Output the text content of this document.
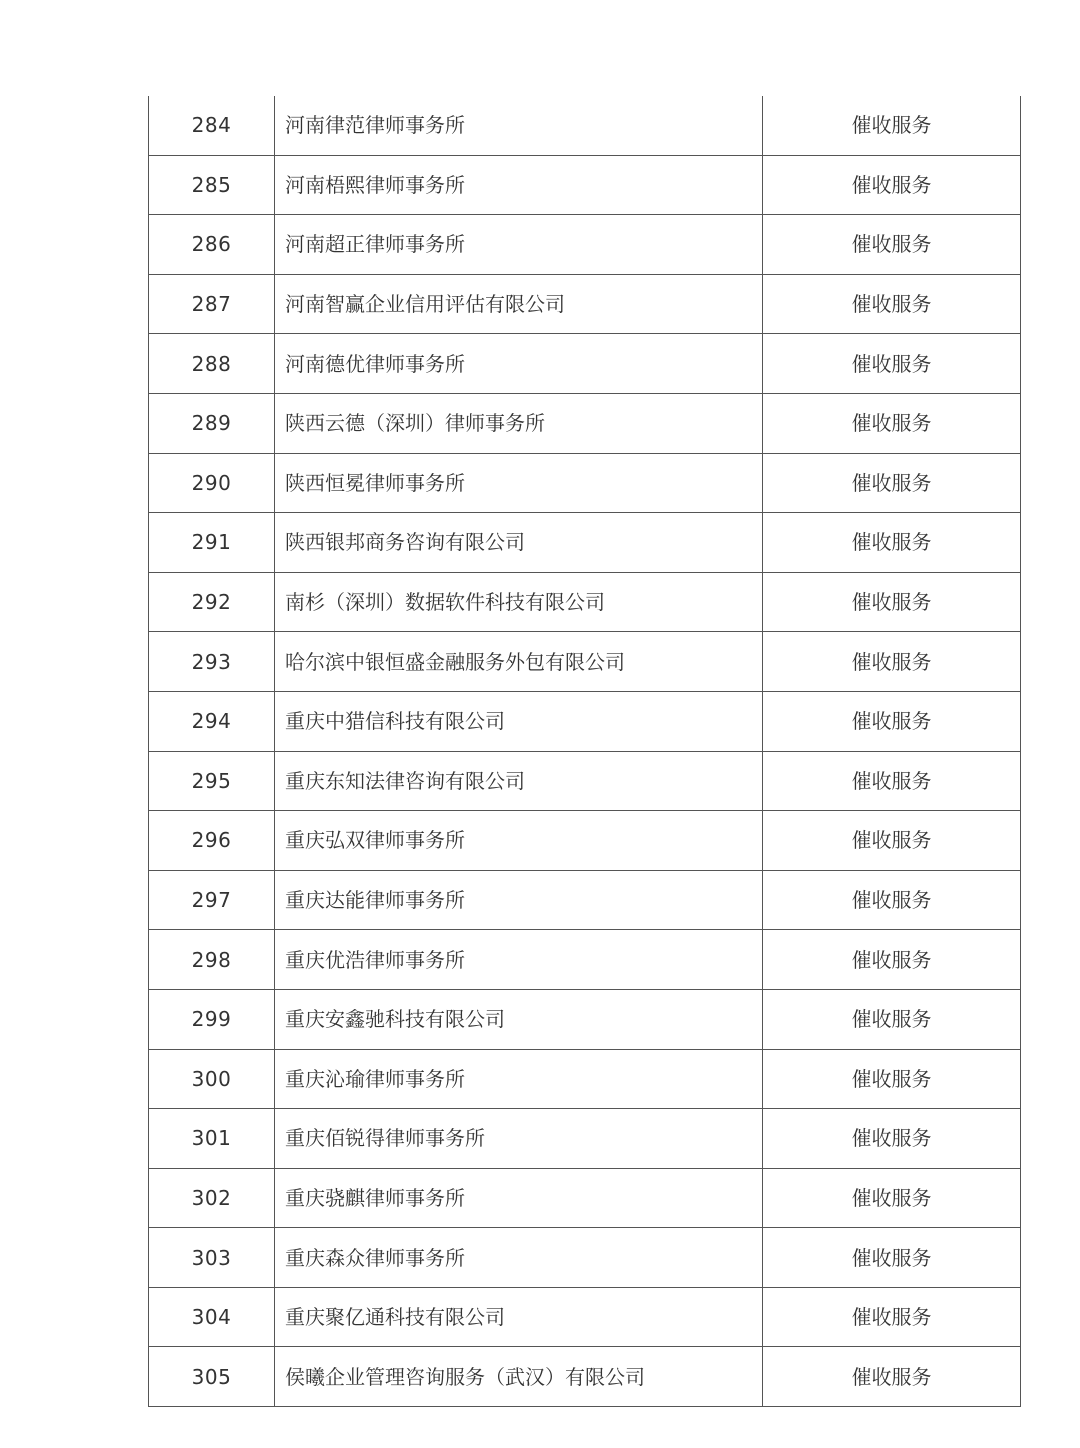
284	河南律范律师事务所	催收服务
285	河南梧熙律师事务所	催收服务
286	河南超正律师事务所	催收服务
287	河南智赢企业信用评估有限公司	催收服务
288	河南德优律师事务所	催收服务
289	陕西云德（深圳）律师事务所	催收服务
290	陕西恒冕律师事务所	催收服务
291	陕西银邦商务咨询有限公司	催收服务
292	南杉（深圳）数据软件科技有限公司	催收服务
293	哈尔滨中银恒盛金融服务外包有限公司	催收服务
294	重庆中猎信科技有限公司	催收服务
295	重庆东知法律咨询有限公司	催收服务
296	重庆弘双律师事务所	催收服务
297	重庆达能律师事务所	催收服务
298	重庆优浩律师事务所	催收服务
299	重庆安鑫驰科技有限公司	催收服务
300	重庆沁瑜律师事务所	催收服务
301	重庆佰锐得律师事务所	催收服务
302	重庆骁麒律师事务所	催收服务
303	重庆森众律师事务所	催收服务
304	重庆聚亿通科技有限公司	催收服务
305	侯曦企业管理咨询服务（武汉）有限公司	催收服务
